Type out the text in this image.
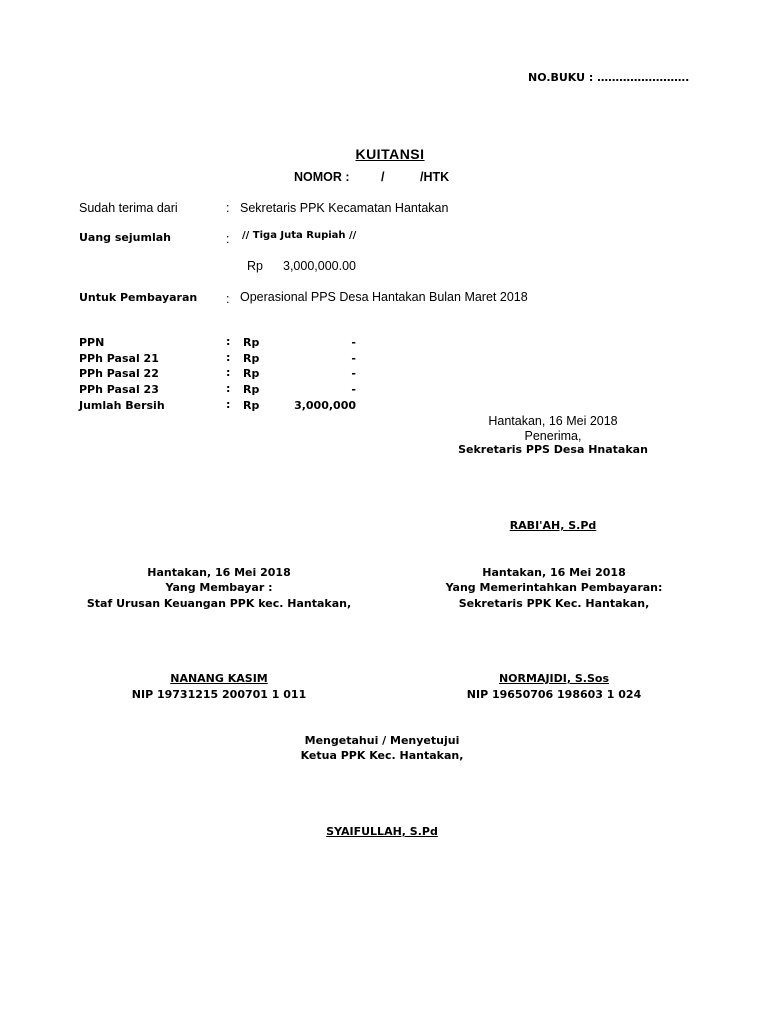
NO.BUKU : …………………….
KUITANSI
NOMOR :	/	/HTK
Sudah terima dari	: Sekretaris PPK Kecamatan Hantakan
Uang sejumlah	: // Tiga Juta Rupiah //
Rp 3,000,000.00
Untuk Pembayaran : Operasional PPS Desa Hantakan Bulan Maret 2018
PPN	: Rp	-
PPh Pasal 21	: Rp	-
PPh Pasal 22	: Rp	-
PPh Pasal 23	: Rp	-
Jumlah Bersih	: Rp	3,000,000
Hantakan, 16 Mei 2018
Penerima,
Sekretaris PPS Desa Hnatakan
RABI'AH, S.Pd
Hantakan, 16 Mei 2018
Yang Membayar :
Staf Urusan Keuangan PPK kec. Hantakan,
NANANG KASIM
NIP 19731215 200701 1 011
Hantakan, 16 Mei 2018
Yang Memerintahkan Pembayaran:
Sekretaris PPK Kec. Hantakan,
NORMAJIDI, S.Sos
NIP 19650706 198603 1 024
Mengetahui / Menyetujui
Ketua PPK Kec. Hantakan,
SYAIFULLAH, S.Pd
